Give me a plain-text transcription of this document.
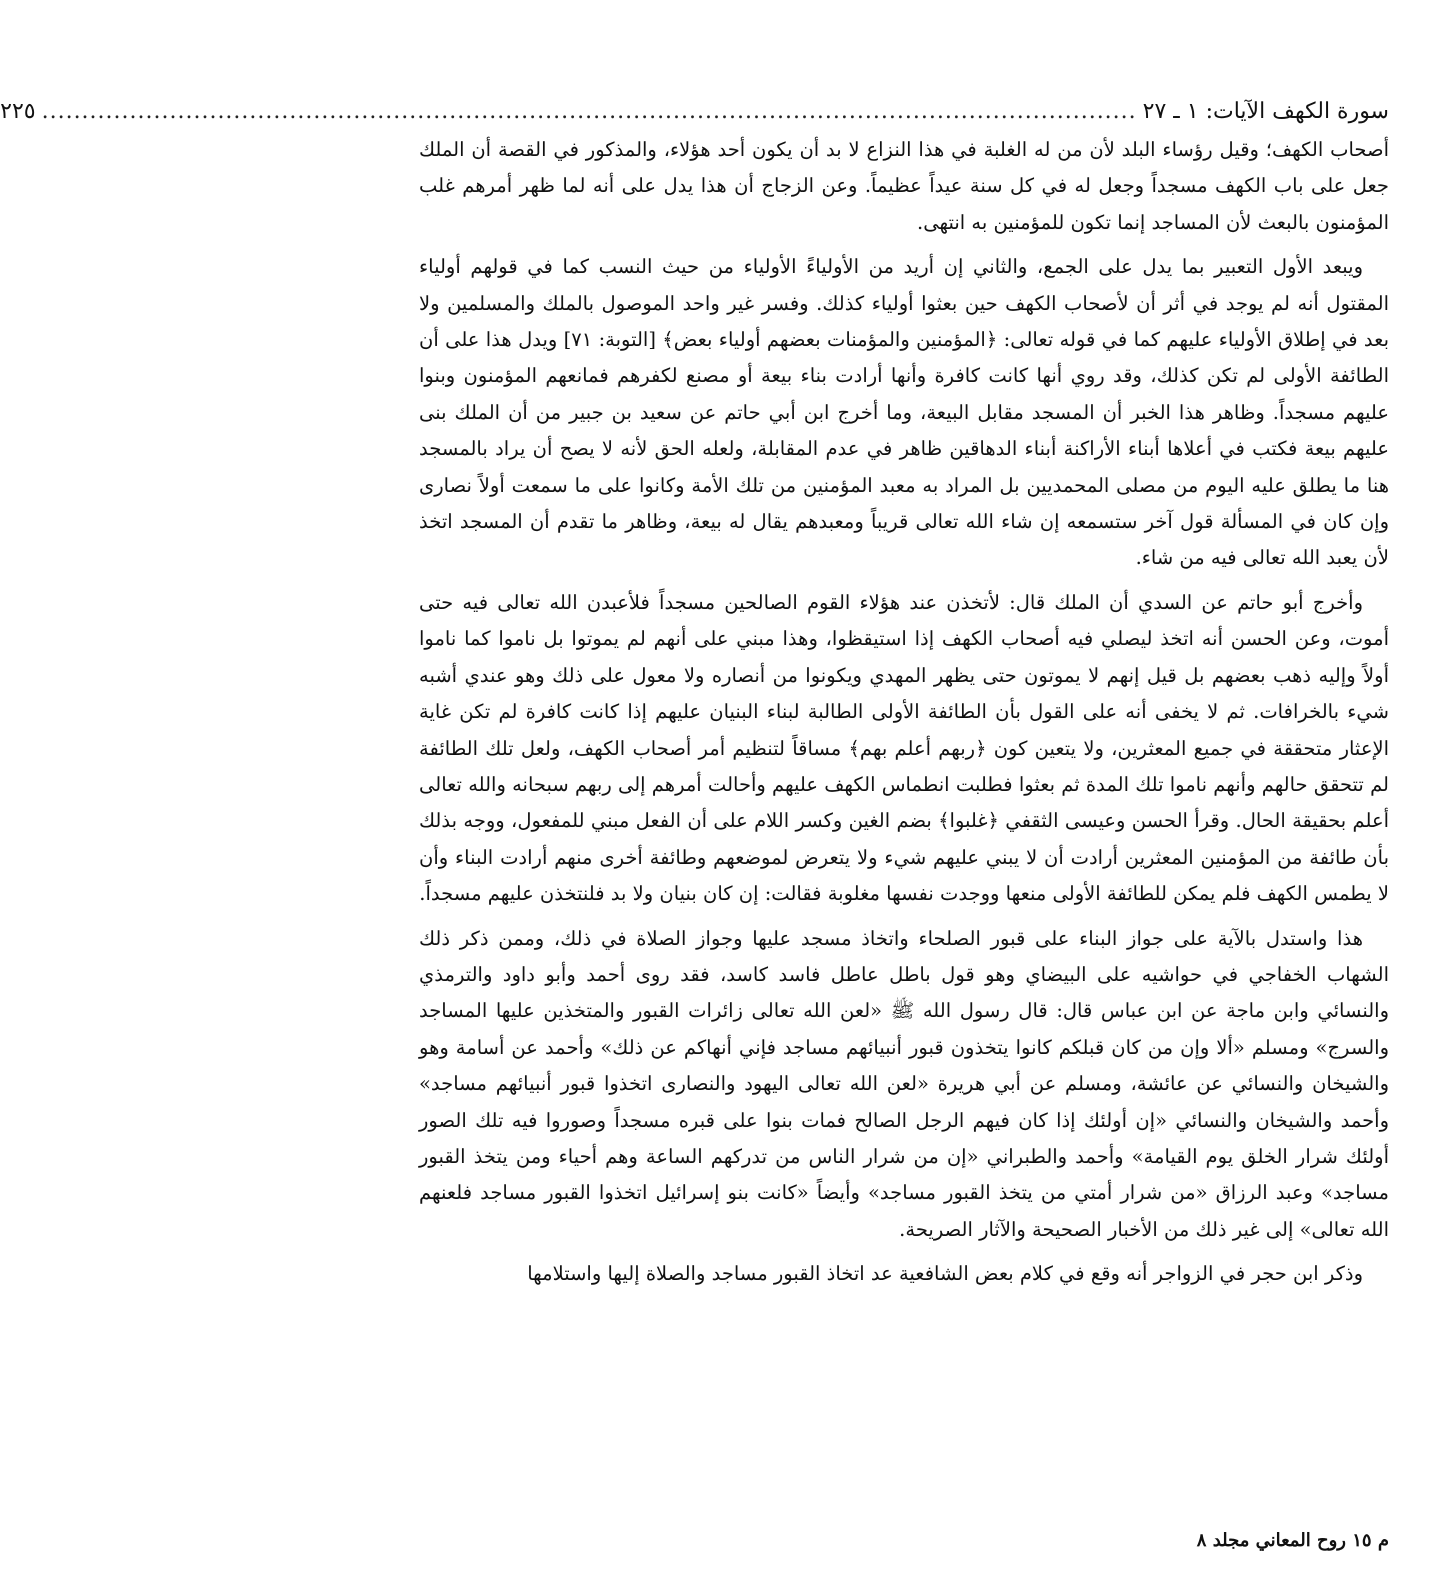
سورة الكهف الآيات: ١ ـ ٢٧
.........................................................................................................................................
٢٢٥

أصحاب الكهف؛ وقيل رؤساء البلد لأن من له الغلبة في هذا النزاع لا بد أن يكون أحد هؤلاء، والمذكور في القصة أن الملك جعل على باب الكهف مسجداً وجعل له في كل سنة عيداً عظيماً. وعن الزجاج أن هذا يدل على أنه لما ظهر أمرهم غلب المؤمنون بالبعث لأن المساجد إنما تكون للمؤمنين به انتهى.

ويبعد الأول التعبير بما يدل على الجمع، والثاني إن أريد من الأولياءً الأولياء من حيث النسب كما في قولهم أولياء المقتول أنه لم يوجد في أثر أن لأصحاب الكهف حين بعثوا أولياء كذلك. وفسر غير واحد الموصول بالملك والمسلمين ولا بعد في إطلاق الأولياء عليهم كما في قوله تعالى: ﴿المؤمنين والمؤمنات بعضهم أولياء بعض﴾ [التوبة: ٧١] ويدل هذا على أن الطائفة الأولى لم تكن كذلك، وقد روي أنها كانت كافرة وأنها أرادت بناء بيعة أو مصنع لكفرهم فمانعهم المؤمنون وبنوا عليهم مسجداً. وظاهر هذا الخبر أن المسجد مقابل البيعة، وما أخرج ابن أبي حاتم عن سعيد بن جبير من أن الملك بنى عليهم بيعة فكتب في أعلاها أبناء الأراكنة أبناء الدهاقين ظاهر في عدم المقابلة، ولعله الحق لأنه لا يصح أن يراد بالمسجد هنا ما يطلق عليه اليوم من مصلى المحمديين بل المراد به معبد المؤمنين من تلك الأمة وكانوا على ما سمعت أولاً نصارى وإن كان في المسألة قول آخر ستسمعه إن شاء الله تعالى قريباً ومعبدهم يقال له بيعة، وظاهر ما تقدم أن المسجد اتخذ لأن يعبد الله تعالى فيه من شاء.

وأخرج أبو حاتم عن السدي أن الملك قال: لأتخذن عند هؤلاء القوم الصالحين مسجداً فلأعبدن الله تعالى فيه حتى أموت، وعن الحسن أنه اتخذ ليصلي فيه أصحاب الكهف إذا استيقظوا، وهذا مبني على أنهم لم يموتوا بل ناموا كما ناموا أولاً وإليه ذهب بعضهم بل قيل إنهم لا يموتون حتى يظهر المهدي ويكونوا من أنصاره ولا معول على ذلك وهو عندي أشبه شيء بالخرافات. ثم لا يخفى أنه على القول بأن الطائفة الأولى الطالبة لبناء البنيان عليهم إذا كانت كافرة لم تكن غاية الإعثار متحققة في جميع المعثرين، ولا يتعين كون ﴿ربهم أعلم بهم﴾ مساقاً لتنظيم أمر أصحاب الكهف، ولعل تلك الطائفة لم تتحقق حالهم وأنهم ناموا تلك المدة ثم بعثوا فطلبت انطماس الكهف عليهم وأحالت أمرهم إلى ربهم سبحانه والله تعالى أعلم بحقيقة الحال. وقرأ الحسن وعيسى الثقفي ﴿غلبوا﴾ بضم الغين وكسر اللام على أن الفعل مبني للمفعول، ووجه بذلك بأن طائفة من المؤمنين المعثرين أرادت أن لا يبني عليهم شيء ولا يتعرض لموضعهم وطائفة أخرى منهم أرادت البناء وأن لا يطمس الكهف فلم يمكن للطائفة الأولى منعها ووجدت نفسها مغلوبة فقالت: إن كان بنيان ولا بد فلنتخذن عليهم مسجداً.

هذا واستدل بالآية على جواز البناء على قبور الصلحاء واتخاذ مسجد عليها وجواز الصلاة في ذلك، وممن ذكر ذلك الشهاب الخفاجي في حواشيه على البيضاي وهو قول باطل عاطل فاسد كاسد، فقد روى أحمد وأبو داود والترمذي والنسائي وابن ماجة عن ابن عباس قال: قال رسول الله ﷺ «لعن الله تعالى زائرات القبور والمتخذين عليها المساجد والسرج» ومسلم «ألا وإن من كان قبلكم كانوا يتخذون قبور أنبيائهم مساجد فإني أنهاكم عن ذلك» وأحمد عن أسامة وهو والشيخان والنسائي عن عائشة، ومسلم عن أبي هريرة «لعن الله تعالى اليهود والنصارى اتخذوا قبور أنبيائهم مساجد» وأحمد والشيخان والنسائي «إن أولئك إذا كان فيهم الرجل الصالح فمات بنوا على قبره مسجداً وصوروا فيه تلك الصور أولئك شرار الخلق يوم القيامة» وأحمد والطبراني «إن من شرار الناس من تدركهم الساعة وهم أحياء ومن يتخذ القبور مساجد» وعبد الرزاق «من شرار أمتي من يتخذ القبور مساجد» وأيضاً «كانت بنو إسرائيل اتخذوا القبور مساجد فلعنهم الله تعالى» إلى غير ذلك من الأخبار الصحيحة والآثار الصريحة.

وذكر ابن حجر في الزواجر أنه وقع في كلام بعض الشافعية عد اتخاذ القبور مساجد والصلاة إليها واستلامها

م ١٥ روح المعاني مجلد ٨
